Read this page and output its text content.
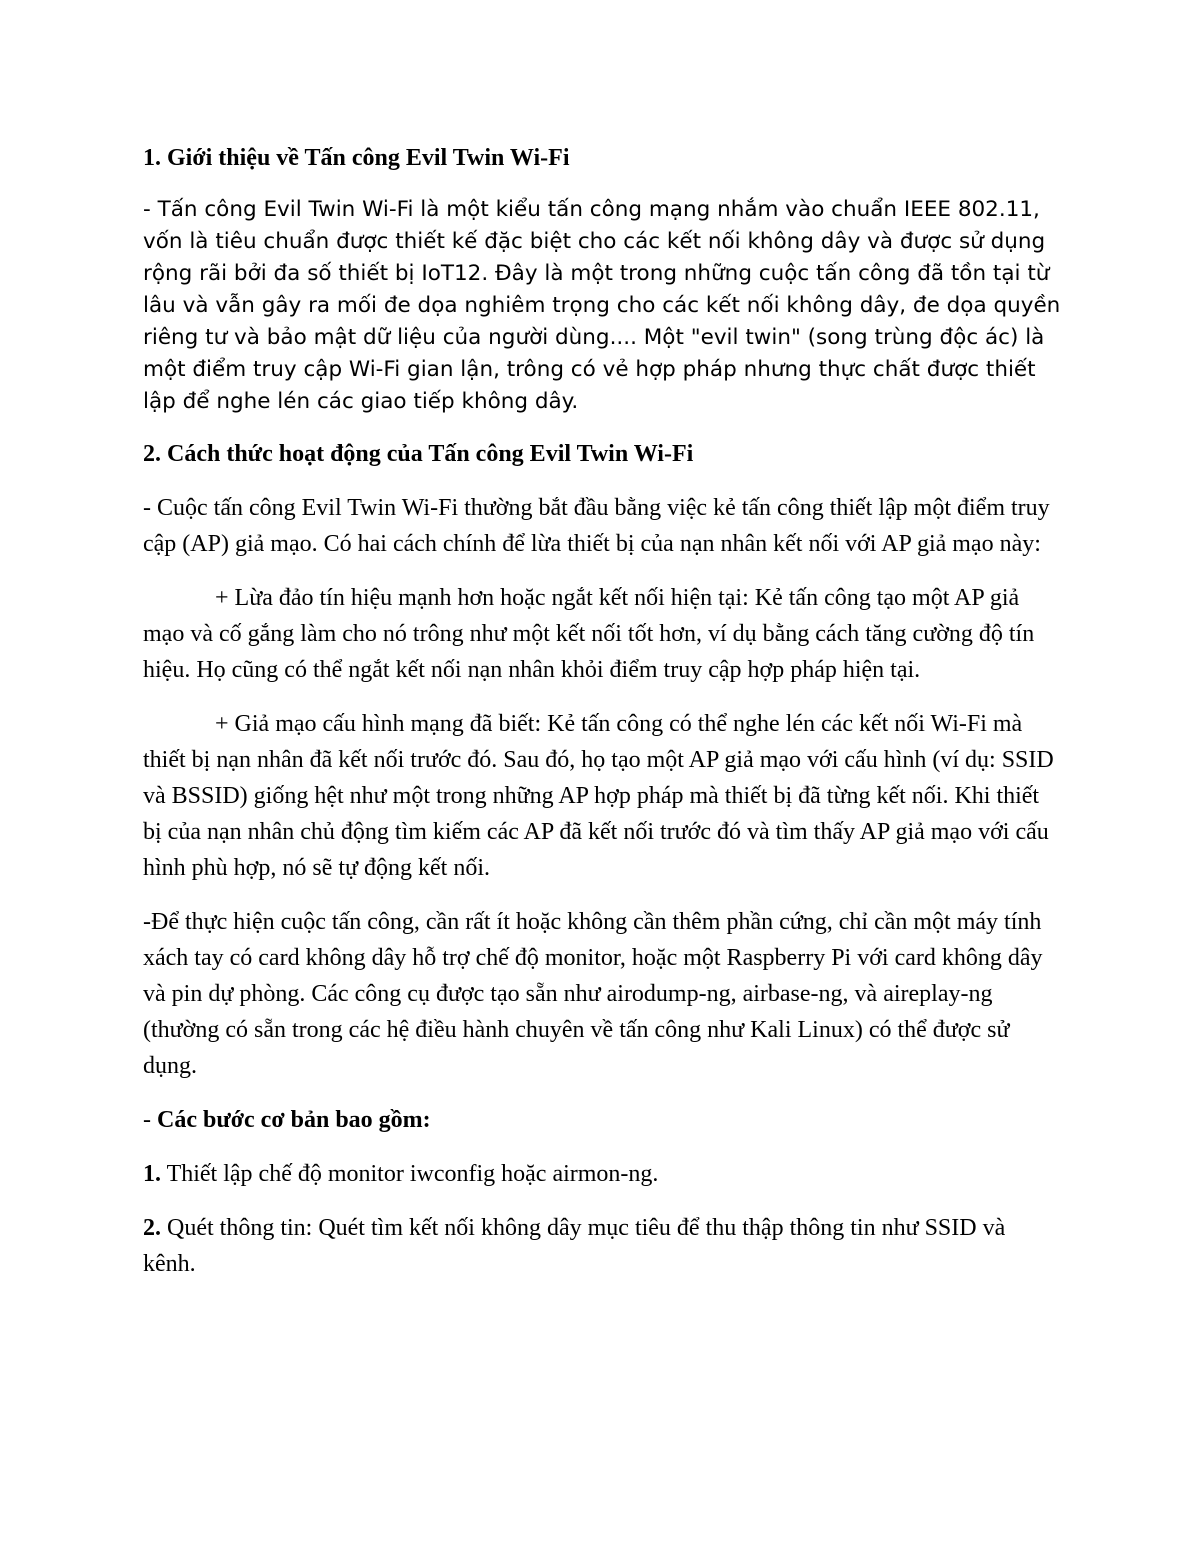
1. Giới thiệu về Tấn công Evil Twin Wi-Fi

- Tấn công Evil Twin Wi-Fi là một kiểu tấn công mạng nhắm vào chuẩn IEEE 802.11, vốn là tiêu chuẩn được thiết kế đặc biệt cho các kết nối không dây và được sử dụng rộng rãi bởi đa số thiết bị IoT12. Đây là một trong những cuộc tấn công đã tồn tại từ lâu và vẫn gây ra mối đe dọa nghiêm trọng cho các kết nối không dây, đe dọa quyền riêng tư và bảo mật dữ liệu của người dùng.... Một "evil twin" (song trùng độc ác) là một điểm truy cập Wi-Fi gian lận, trông có vẻ hợp pháp nhưng thực chất được thiết lập để nghe lén các giao tiếp không dây.

2. Cách thức hoạt động của Tấn công Evil Twin Wi-Fi

- Cuộc tấn công Evil Twin Wi-Fi thường bắt đầu bằng việc kẻ tấn công thiết lập một điểm truy cập (AP) giả mạo. Có hai cách chính để lừa thiết bị của nạn nhân kết nối với AP giả mạo này:

+ Lừa đảo tín hiệu mạnh hơn hoặc ngắt kết nối hiện tại: Kẻ tấn công tạo một AP giả mạo và cố gắng làm cho nó trông như một kết nối tốt hơn, ví dụ bằng cách tăng cường độ tín hiệu. Họ cũng có thể ngắt kết nối nạn nhân khỏi điểm truy cập hợp pháp hiện tại.

+ Giả mạo cấu hình mạng đã biết: Kẻ tấn công có thể nghe lén các kết nối Wi-Fi mà thiết bị nạn nhân đã kết nối trước đó. Sau đó, họ tạo một AP giả mạo với cấu hình (ví dụ: SSID và BSSID) giống hệt như một trong những AP hợp pháp mà thiết bị đã từng kết nối. Khi thiết bị của nạn nhân chủ động tìm kiếm các AP đã kết nối trước đó và tìm thấy AP giả mạo với cấu hình phù hợp, nó sẽ tự động kết nối.

-Để thực hiện cuộc tấn công, cần rất ít hoặc không cần thêm phần cứng, chỉ cần một máy tính xách tay có card không dây hỗ trợ chế độ monitor, hoặc một Raspberry Pi với card không dây và pin dự phòng. Các công cụ được tạo sẵn như airodump-ng, airbase-ng, và aireplay-ng (thường có sẵn trong các hệ điều hành chuyên về tấn công như Kali Linux) có thể được sử dụng.

- Các bước cơ bản bao gồm:

1. Thiết lập chế độ monitor iwconfig hoặc airmon-ng.

2. Quét thông tin: Quét tìm kết nối không dây mục tiêu để thu thập thông tin như SSID và kênh.
